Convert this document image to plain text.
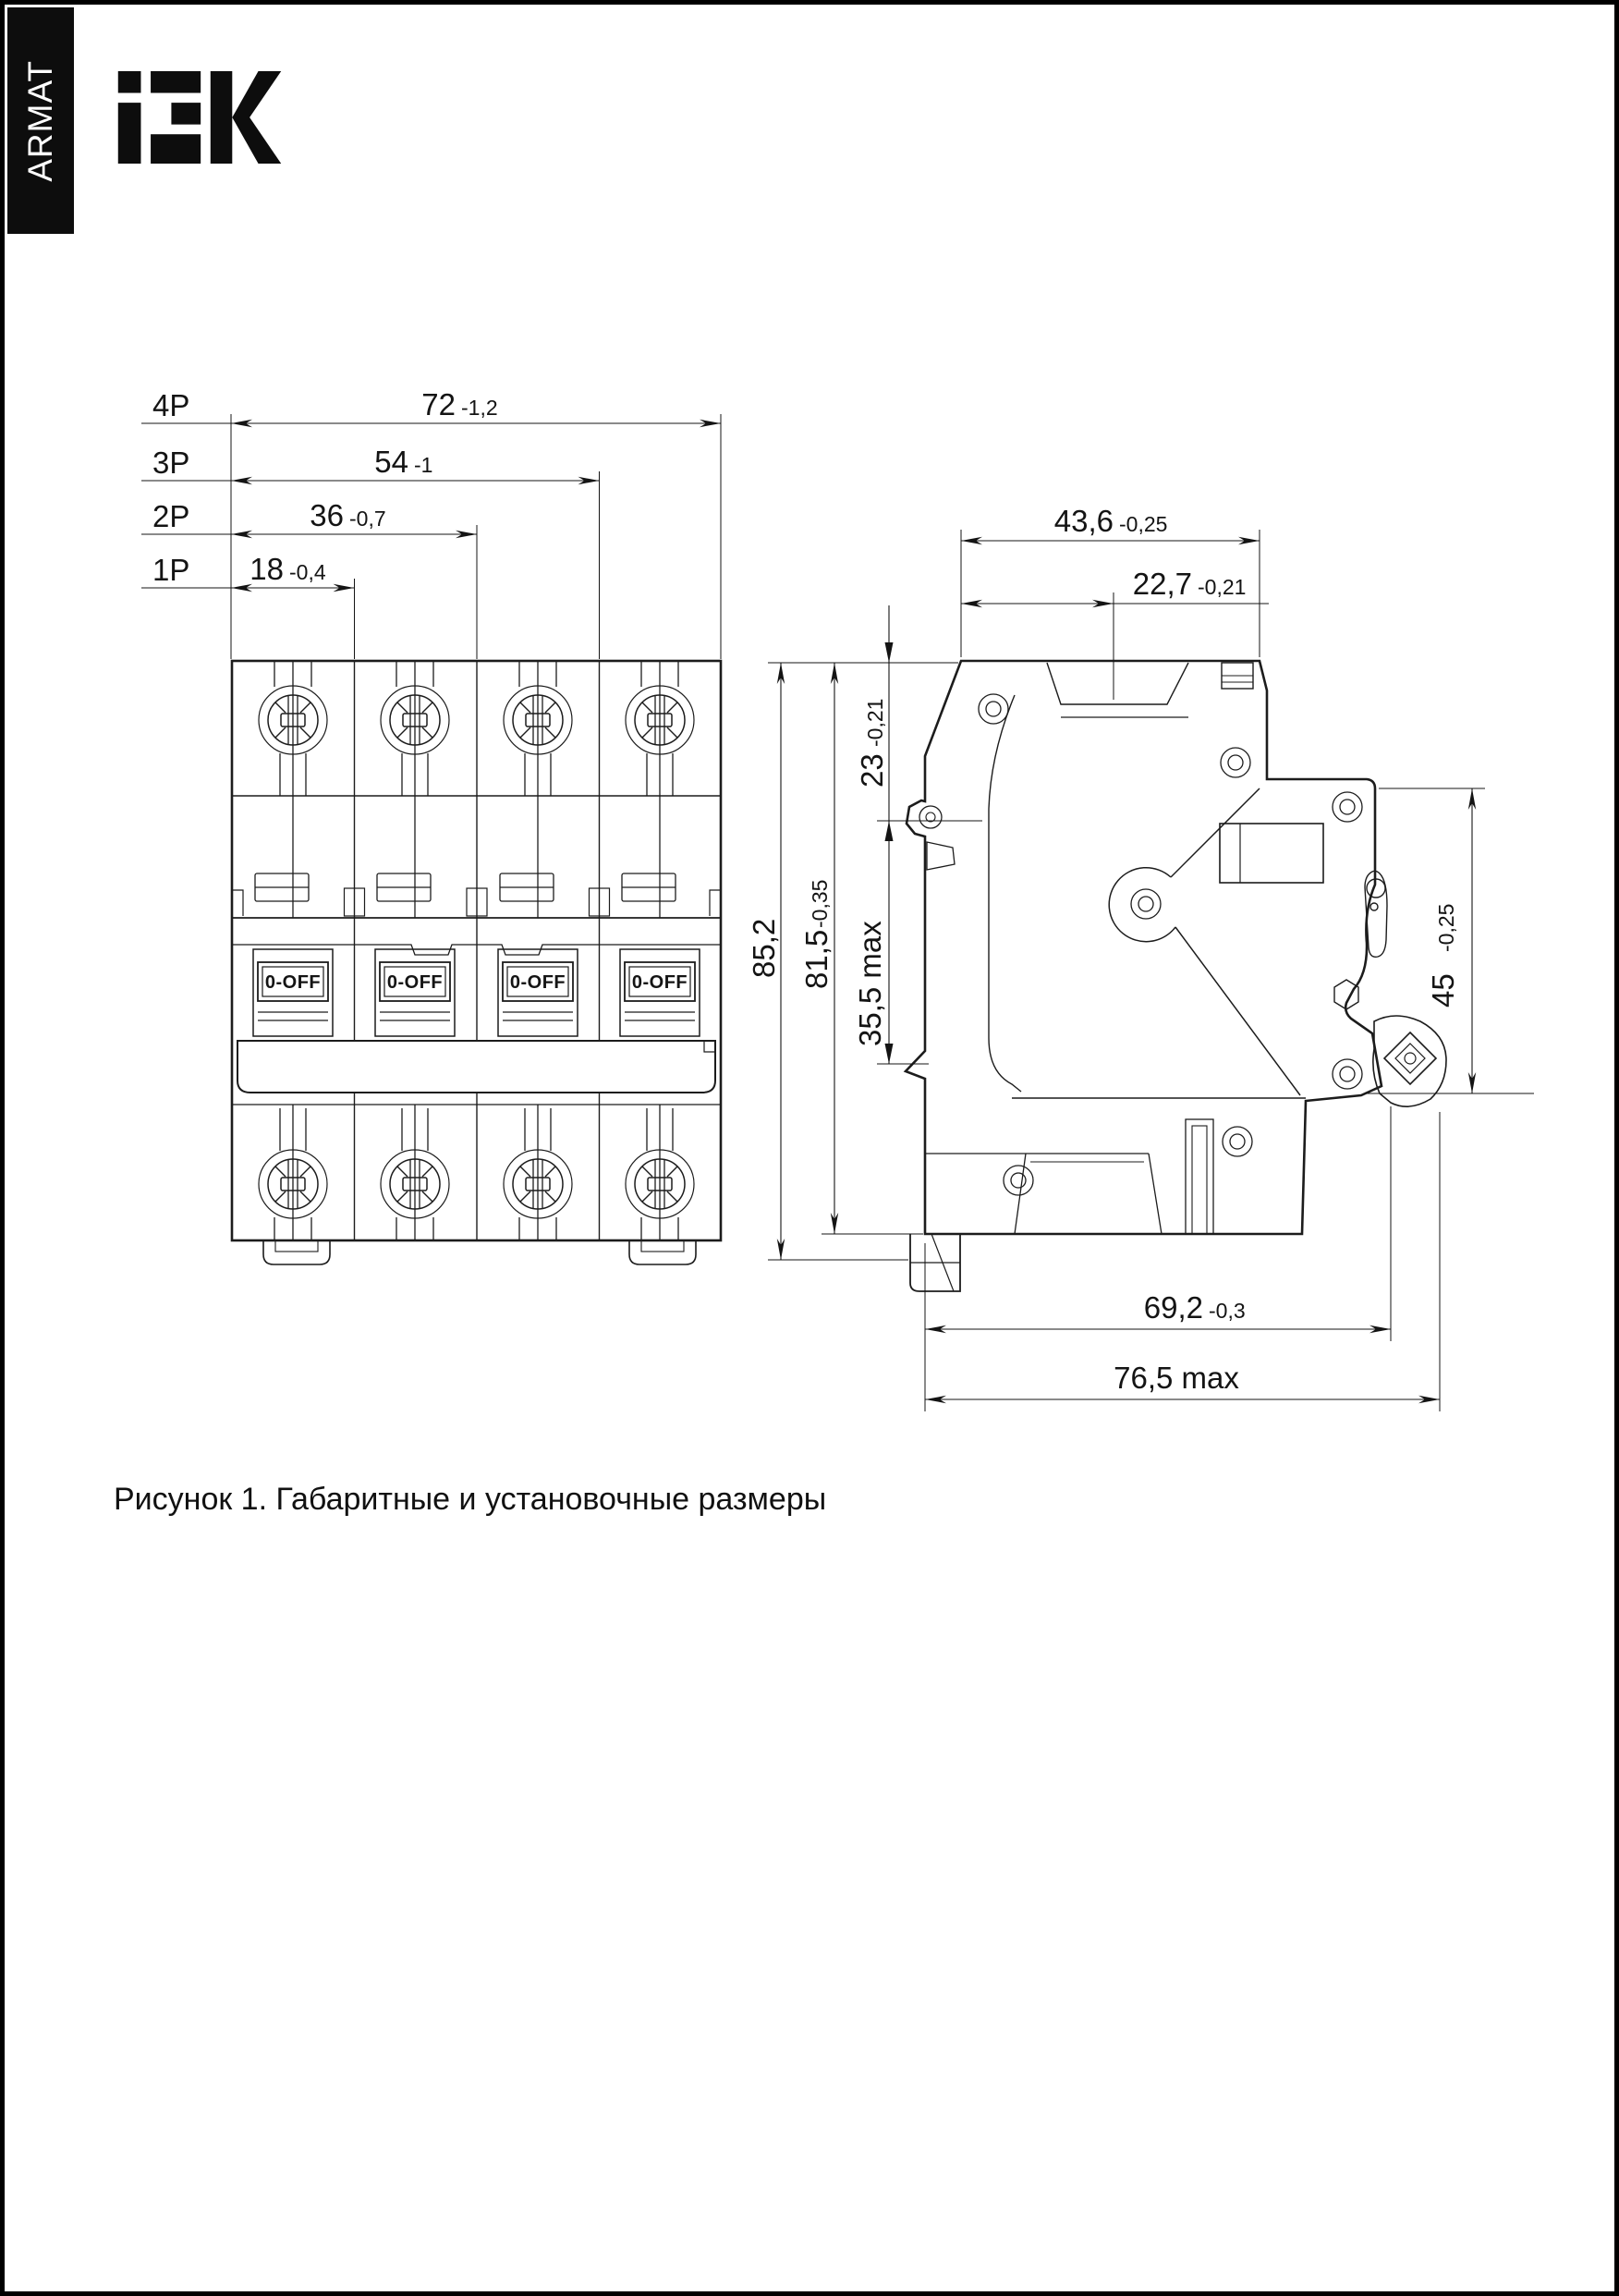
ARMAT
0-OFF	0-OFF	0-OFF	0-OFF
4P
3P
2P
1P
72 -1,2
54 -1
36 -0,7
18 -0,4
43,6 -0,25
22,7 -0,21
85,2 81,5
-0,35
23
-0,21
35,5 max	45
-0,25
69,2 -0,3
76,5 max
Рисунок 1. Габаритные и установочные размеры
